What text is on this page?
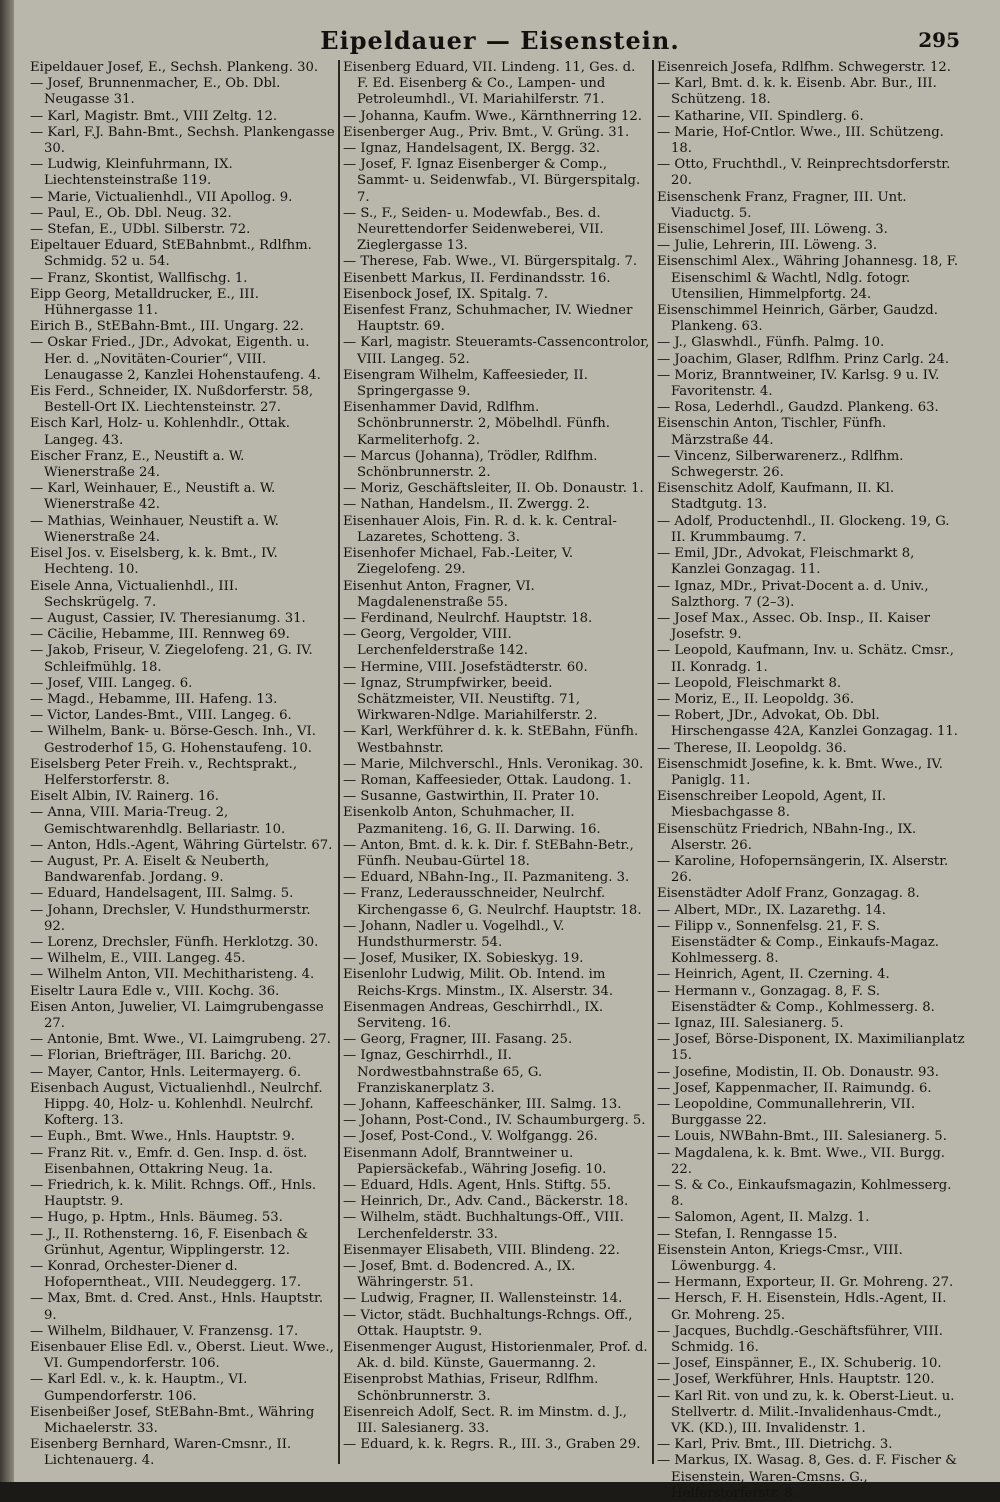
Eipeldauer — Eisenstein.	295

Eipeldauer Josef, E., Sechsh. Plankeng. 30.

— Josef, Brunnenmacher, E., Ob. Dbl. Neugasse 31.

— Karl, Magistr. Bmt., VIII Zeltg. 12.

— Karl, F.J. Bahn-Bmt., Sechsh. Plankengasse 30.

— Ludwig, Kleinfuhrmann, IX. Liechtensteinstraße 119.

— Marie, Victualienhdl., VII Apollog. 9.

— Paul, E., Ob. Dbl. Neug. 32.

— Stefan, E., UDbl. Silberstr. 72.

Eipeltauer Eduard, StEBahnbmt., Rdlfhm. Schmidg. 52 u. 54.

— Franz, Skontist, Wallfischg. 1.

Eipp Georg, Metalldrucker, E., III. Hühnergasse 11.

Eirich B., StEBahn-Bmt., III. Ungarg. 22.

— Oskar Fried., JDr., Advokat, Eigenth. u. Her. d. „Novitäten-Courier“, VIII. Lenaugasse 2, Kanzlei Hohenstaufeng. 4.

Eis Ferd., Schneider, IX. Nußdorferstr. 58, Bestell-Ort IX. Liechtensteinstr. 27.

Eisch Karl, Holz- u. Kohlenhdlr., Ottak. Langeg. 43.

Eischer Franz, E., Neustift a. W. Wienerstraße 24.

— Karl, Weinhauer, E., Neustift a. W. Wienerstraße 42.

— Mathias, Weinhauer, Neustift a. W. Wienerstraße 24.

Eisel Jos. v. Eiselsberg, k. k. Bmt., IV. Hechteng. 10.

Eisele Anna, Victualienhdl., III. Sechskrügelg. 7.

— August, Cassier, IV. Theresianumg. 31.

— Cäcilie, Hebamme, III. Rennweg 69.

— Jakob, Friseur, V. Ziegelofeng. 21, G. IV. Schleifmühlg. 18.

— Josef, VIII. Langeg. 6.

— Magd., Hebamme, III. Hafeng. 13.

— Victor, Landes-Bmt., VIII. Langeg. 6.

— Wilhelm, Bank- u. Börse-Gesch. Inh., VI. Gestroderhof 15, G. Hohenstaufeng. 10.

Eiselsberg Peter Freih. v., Rechtsprakt., Helferstorferstr. 8.

Eiselt Albin, IV. Rainerg. 16.

— Anna, VIII. Maria-Treug. 2, Gemischtwarenhdlg. Bellariastr. 10.

— Anton, Hdls.-Agent, Währing Gürtelstr. 67.

— August, Pr. A. Eiselt & Neuberth, Bandwarenfab. Jordang. 9.

— Eduard, Handelsagent, III. Salmg. 5.

— Johann, Drechsler, V. Hundsthurmerstr. 92.

— Lorenz, Drechsler, Fünfh. Herklotzg. 30.

— Wilhelm, E., VIII. Langeg. 45.

— Wilhelm Anton, VII. Mechitharisteng. 4.

Eiseltr Laura Edle v., VIII. Kochg. 36.

Eisen Anton, Juwelier, VI. Laimgrubengasse 27.

— Antonie, Bmt. Wwe., VI. Laimgrubeng. 27.

— Florian, Briefträger, III. Barichg. 20.

— Mayer, Cantor, Hnls. Leitermayerg. 6.

Eisenbach August, Victualienhdl., Neulrchf. Hippg. 40, Holz- u. Kohlenhdl. Neulrchf. Kofterg. 13.

— Euph., Bmt. Wwe., Hnls. Hauptstr. 9.

— Franz Rit. v., Emfr. d. Gen. Insp. d. öst. Eisenbahnen, Ottakring Neug. 1a.

— Friedrich, k. k. Milit. Rchngs. Off., Hnls. Hauptstr. 9.

— Hugo, p. Hptm., Hnls. Bäumeg. 53.

— J., II. Rothensterng. 16, F. Eisenbach & Grünhut, Agentur, Wipplingerstr. 12.

— Konrad, Orchester-Diener d. Hofoperntheat., VIII. Neudeggerg. 17.

— Max, Bmt. d. Cred. Anst., Hnls. Hauptstr. 9.

— Wilhelm, Bildhauer, V. Franzensg. 17.

Eisenbauer Elise Edl. v., Oberst. Lieut. Wwe., VI. Gumpendorferstr. 106.

— Karl Edl. v., k. k. Hauptm., VI. Gumpendorferstr. 106.

Eisenbeißer Josef, StEBahn-Bmt., Währing Michaelerstr. 33.

Eisenberg Bernhard, Waren-Cmsnr., II. Lichtenauerg. 4.

Eisenberg Eduard, VII. Lindeng. 11, Ges. d. F. Ed. Eisenberg & Co., Lampen- und Petroleumhdl., VI. Mariahilferstr. 71.

— Johanna, Kaufm. Wwe., Kärnthnerring 12.

Eisenberger Aug., Priv. Bmt., V. Grüng. 31.

— Ignaz, Handelsagent, IX. Bergg. 32.

— Josef, F. Ignaz Eisenberger & Comp., Sammt- u. Seidenwfab., VI. Bürgerspitalg. 7.

— S., F., Seiden- u. Modewfab., Bes. d. Neurettendorfer Seidenweberei, VII. Zieglergasse 13.

— Therese, Fab. Wwe., VI. Bürgerspitalg. 7.

Eisenbett Markus, II. Ferdinandsstr. 16.

Eisenbock Josef, IX. Spitalg. 7.

Eisenfest Franz, Schuhmacher, IV. Wiedner Hauptstr. 69.

— Karl, magistr. Steueramts-Cassencontrolor, VIII. Langeg. 52.

Eisengram Wilhelm, Kaffeesieder, II. Springergasse 9.

Eisenhammer David, Rdlfhm. Schönbrunnerstr. 2, Möbelhdl. Fünfh. Karmeliterhofg. 2.

— Marcus (Johanna), Trödler, Rdlfhm. Schönbrunnerstr. 2.

— Moriz, Geschäftsleiter, II. Ob. Donaustr. 1.

— Nathan, Handelsm., II. Zwergg. 2.

Eisenhauer Alois, Fin. R. d. k. k. Central-Lazaretes, Schotteng. 3.

Eisenhofer Michael, Fab.-Leiter, V. Ziegelofeng. 29.

Eisenhut Anton, Fragner, VI. Magdalenenstraße 55.

— Ferdinand, Neulrchf. Hauptstr. 18.

— Georg, Vergolder, VIII. Lerchenfelderstraße 142.

— Hermine, VIII. Josefstädterstr. 60.

— Ignaz, Strumpfwirker, beeid. Schätzmeister, VII. Neustiftg. 71, Wirkwaren-Ndlge. Mariahilferstr. 2.

— Karl, Werkführer d. k. k. StEBahn, Fünfh. Westbahnstr.

— Marie, Milchverschl., Hnls. Veronikag. 30.

— Roman, Kaffeesieder, Ottak. Laudong. 1.

— Susanne, Gastwirthin, II. Prater 10.

Eisenkolb Anton, Schuhmacher, II. Pazmaniteng. 16, G. II. Darwing. 16.

— Anton, Bmt. d. k. k. Dir. f. StEBahn-Betr., Fünfh. Neubau-Gürtel 18.

— Eduard, NBahn-Ing., II. Pazmaniteng. 3.

— Franz, Lederausschneider, Neulrchf. Kirchengasse 6, G. Neulrchf. Hauptstr. 18.

— Johann, Nadler u. Vogelhdl., V. Hundsthurmerstr. 54.

— Josef, Musiker, IX. Sobieskyg. 19.

Eisenlohr Ludwig, Milit. Ob. Intend. im Reichs-Krgs. Minstm., IX. Alserstr. 34.

Eisenmagen Andreas, Geschirrhdl., IX. Serviteng. 16.

— Georg, Fragner, III. Fasang. 25.

— Ignaz, Geschirrhdl., II. Nordwestbahnstraße 65, G. Franziskanerplatz 3.

— Johann, Kaffeeschänker, III. Salmg. 13.

— Johann, Post-Cond., IV. Schaumburgerg. 5.

— Josef, Post-Cond., V. Wolfgangg. 26.

Eisenmann Adolf, Branntweiner u. Papiersäckefab., Währing Josefig. 10.

— Eduard, Hdls. Agent, Hnls. Stiftg. 55.

— Heinrich, Dr., Adv. Cand., Bäckerstr. 18.

— Wilhelm, städt. Buchhaltungs-Off., VIII. Lerchenfelderstr. 33.

Eisenmayer Elisabeth, VIII. Blindeng. 22.

— Josef, Bmt. d. Bodencred. A., IX. Währingerstr. 51.

— Ludwig, Fragner, II. Wallensteinstr. 14.

— Victor, städt. Buchhaltungs-Rchngs. Off., Ottak. Hauptstr. 9.

Eisenmenger August, Historienmaler, Prof. d. Ak. d. bild. Künste, Gauermanng. 2.

Eisenprobst Mathias, Friseur, Rdlfhm. Schönbrunnerstr. 3.

Eisenreich Adolf, Sect. R. im Minstm. d. J., III. Salesianerg. 33.

— Eduard, k. k. Regrs. R., III. 3., Graben 29.

Eisenreich Josefa, Rdlfhm. Schwegerstr. 12.

— Karl, Bmt. d. k. k. Eisenb. Abr. Bur., III. Schützeng. 18.

— Katharine, VII. Spindlerg. 6.

— Marie, Hof-Cntlor. Wwe., III. Schützeng. 18.

— Otto, Fruchthdl., V. Reinprechtsdorferstr. 20.

Eisenschenk Franz, Fragner, III. Unt. Viaductg. 5.

Eisenschimel Josef, III. Löweng. 3.

— Julie, Lehrerin, III. Löweng. 3.

Eisenschiml Alex., Währing Johannesg. 18, F. Eisenschiml & Wachtl, Ndlg. fotogr. Utensilien, Himmelpfortg. 24.

Eisenschimmel Heinrich, Gärber, Gaudzd. Plankeng. 63.

— J., Glaswhdl., Fünfh. Palmg. 10.

— Joachim, Glaser, Rdlfhm. Prinz Carlg. 24.

— Moriz, Branntweiner, IV. Karlsg. 9 u. IV. Favoritenstr. 4.

— Rosa, Lederhdl., Gaudzd. Plankeng. 63.

Eisenschin Anton, Tischler, Fünfh. Märzstraße 44.

— Vincenz, Silberwarenerz., Rdlfhm. Schwegerstr. 26.

Eisenschitz Adolf, Kaufmann, II. Kl. Stadtgutg. 13.

— Adolf, Productenhdl., II. Glockeng. 19, G. II. Krummbaumg. 7.

— Emil, JDr., Advokat, Fleischmarkt 8, Kanzlei Gonzagag. 11.

— Ignaz, MDr., Privat-Docent a. d. Univ., Salzthorg. 7 (2–3).

— Josef Max., Assec. Ob. Insp., II. Kaiser Josefstr. 9.

— Leopold, Kaufmann, Inv. u. Schätz. Cmsr., II. Konradg. 1.

— Leopold, Fleischmarkt 8.

— Moriz, E., II. Leopoldg. 36.

— Robert, JDr., Advokat, Ob. Dbl. Hirschengasse 42A, Kanzlei Gonzagag. 11.

— Therese, II. Leopoldg. 36.

Eisenschmidt Josefine, k. k. Bmt. Wwe., IV. Paniglg. 11.

Eisenschreiber Leopold, Agent, II. Miesbachgasse 8.

Eisenschütz Friedrich, NBahn-Ing., IX. Alserstr. 26.

— Karoline, Hofopernsängerin, IX. Alserstr. 26.

Eisenstädter Adolf Franz, Gonzagag. 8.

— Albert, MDr., IX. Lazarethg. 14.

— Filipp v., Sonnenfelsg. 21, F. S. Eisenstädter & Comp., Einkaufs-Magaz. Kohlmesserg. 8.

— Heinrich, Agent, II. Czerning. 4.

— Hermann v., Gonzagag. 8, F. S. Eisenstädter & Comp., Kohlmesserg. 8.

— Ignaz, III. Salesianerg. 5.

— Josef, Börse-Disponent, IX. Maximilianplatz 15.

— Josefine, Modistin, II. Ob. Donaustr. 93.

— Josef, Kappenmacher, II. Raimundg. 6.

— Leopoldine, Communallehrerin, VII. Burggasse 22.

— Louis, NWBahn-Bmt., III. Salesianerg. 5.

— Magdalena, k. k. Bmt. Wwe., VII. Burgg. 22.

— S. & Co., Einkaufsmagazin, Kohlmesserg. 8.

— Salomon, Agent, II. Malzg. 1.

— Stefan, I. Renngasse 15.

Eisenstein Anton, Kriegs-Cmsr., VIII. Löwenburgg. 4.

— Hermann, Exporteur, II. Gr. Mohreng. 27.

— Hersch, F. H. Eisenstein, Hdls.-Agent, II. Gr. Mohreng. 25.

— Jacques, Buchdlg.-Geschäftsführer, VIII. Schmidg. 16.

— Josef, Einspänner, E., IX. Schuberig. 10.

— Josef, Werkführer, Hnls. Hauptstr. 120.

— Karl Rit. von und zu, k. k. Oberst-Lieut. u. Stellvertr. d. Milit.-Invalidenhaus-Cmdt., VK. (KD.), III. Invalidenstr. 1.

— Karl, Priv. Bmt., III. Dietrichg. 3.

— Markus, IX. Wasag. 8, Ges. d. F. Fischer & Eisenstein, Waren-Cmsns. G., Helferstorferstr. 8.
